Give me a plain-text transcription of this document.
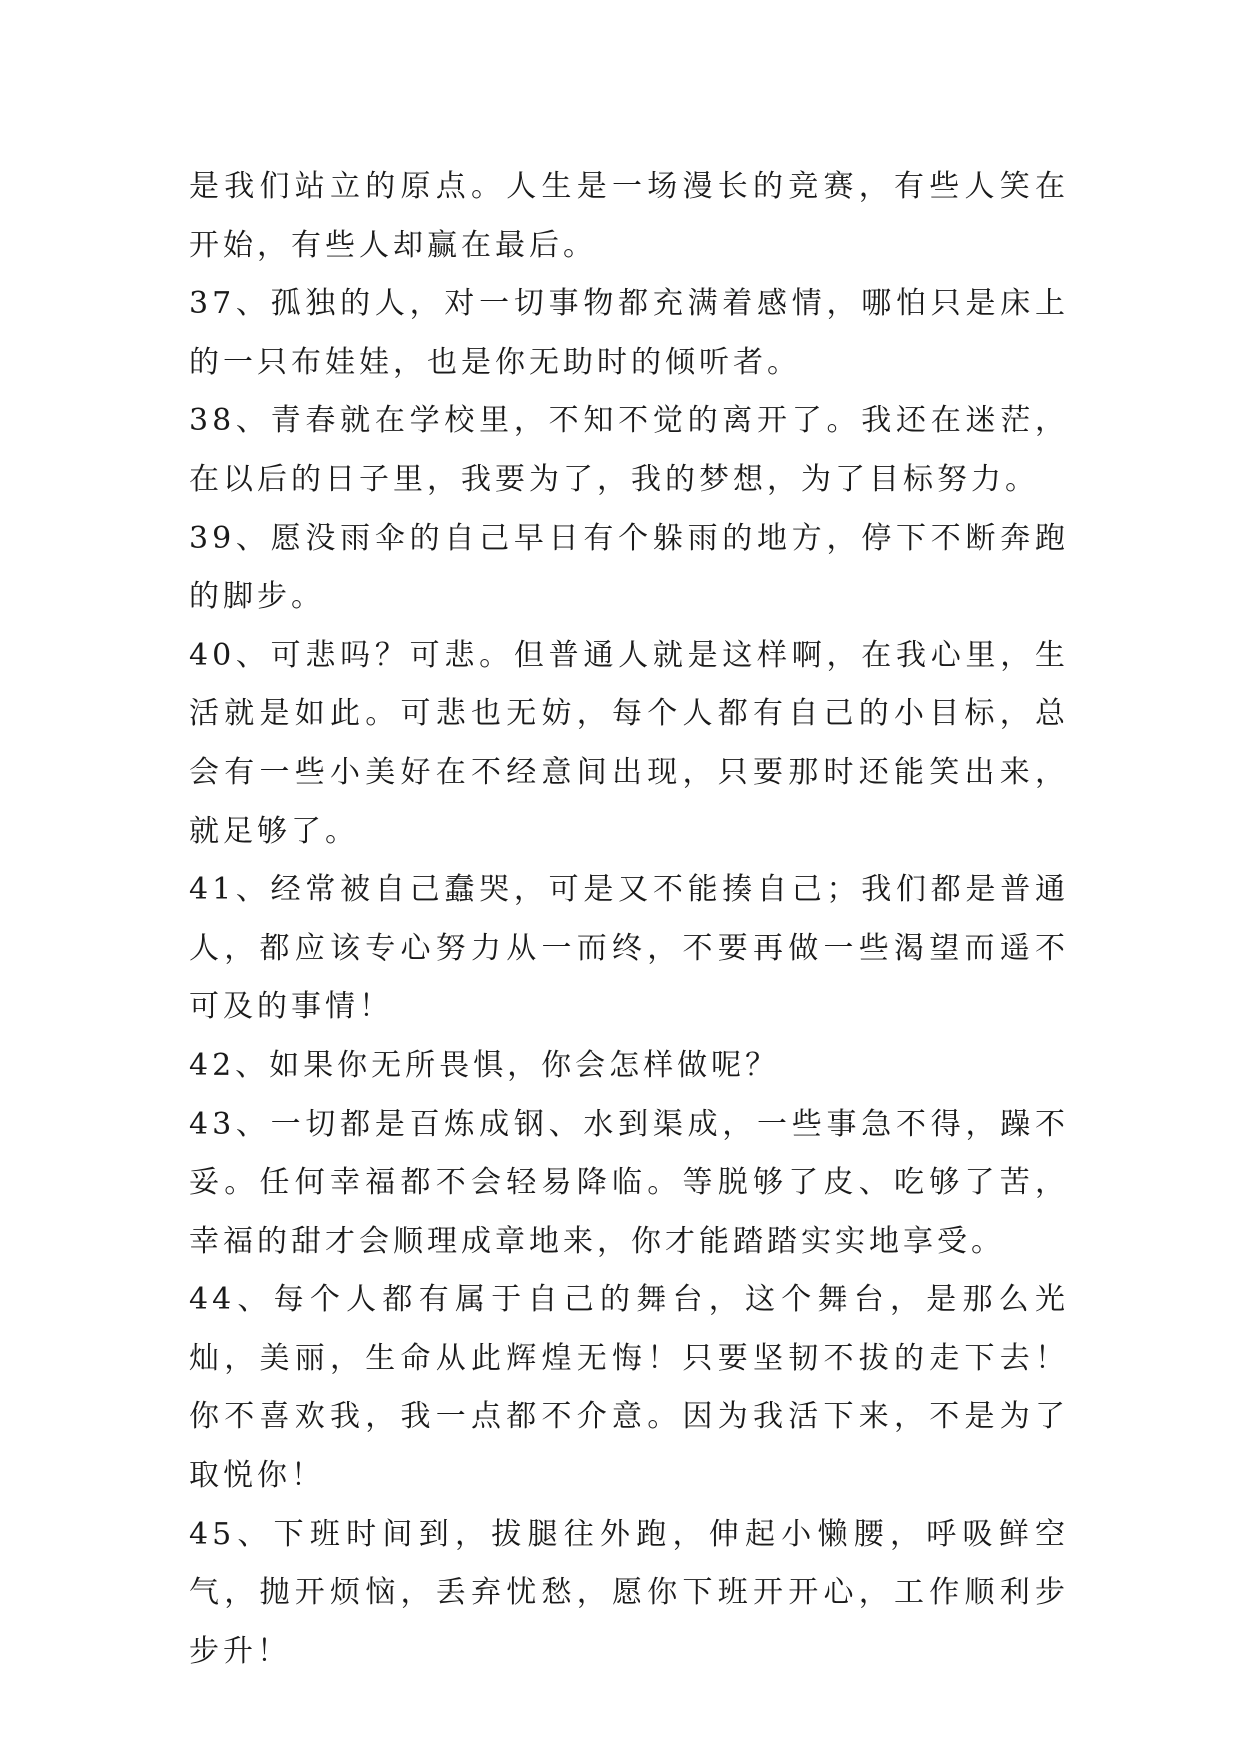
是我们站立的原点。人生是一场漫长的竞赛，有些人笑在开始，有些人却赢在最后。

37、孤独的人，对一切事物都充满着感情，哪怕只是床上的一只布娃娃，也是你无助时的倾听者。

38、青春就在学校里，不知不觉的离开了。我还在迷茫，在以后的日子里，我要为了，我的梦想，为了目标努力。

39、愿没雨伞的自己早日有个躲雨的地方，停下不断奔跑的脚步。

40、可悲吗？可悲。但普通人就是这样啊，在我心里，生活就是如此。可悲也无妨，每个人都有自己的小目标，总会有一些小美好在不经意间出现，只要那时还能笑出来，就足够了。

41、经常被自己蠢哭，可是又不能揍自己；我们都是普通人，都应该专心努力从一而终，不要再做一些渴望而遥不可及的事情！

42、如果你无所畏惧，你会怎样做呢？

43、一切都是百炼成钢、水到渠成，一些事急不得，躁不妥。任何幸福都不会轻易降临。等脱够了皮、吃够了苦，幸福的甜才会顺理成章地来，你才能踏踏实实地享受。

44、每个人都有属于自己的舞台，这个舞台，是那么光灿，美丽，生命从此辉煌无悔！只要坚韧不拔的走下去！你不喜欢我，我一点都不介意。因为我活下来，不是为了取悦你！

45、下班时间到，拔腿往外跑，伸起小懒腰，呼吸鲜空气，抛开烦恼，丢弃忧愁，愿你下班开开心，工作顺利步步升！
